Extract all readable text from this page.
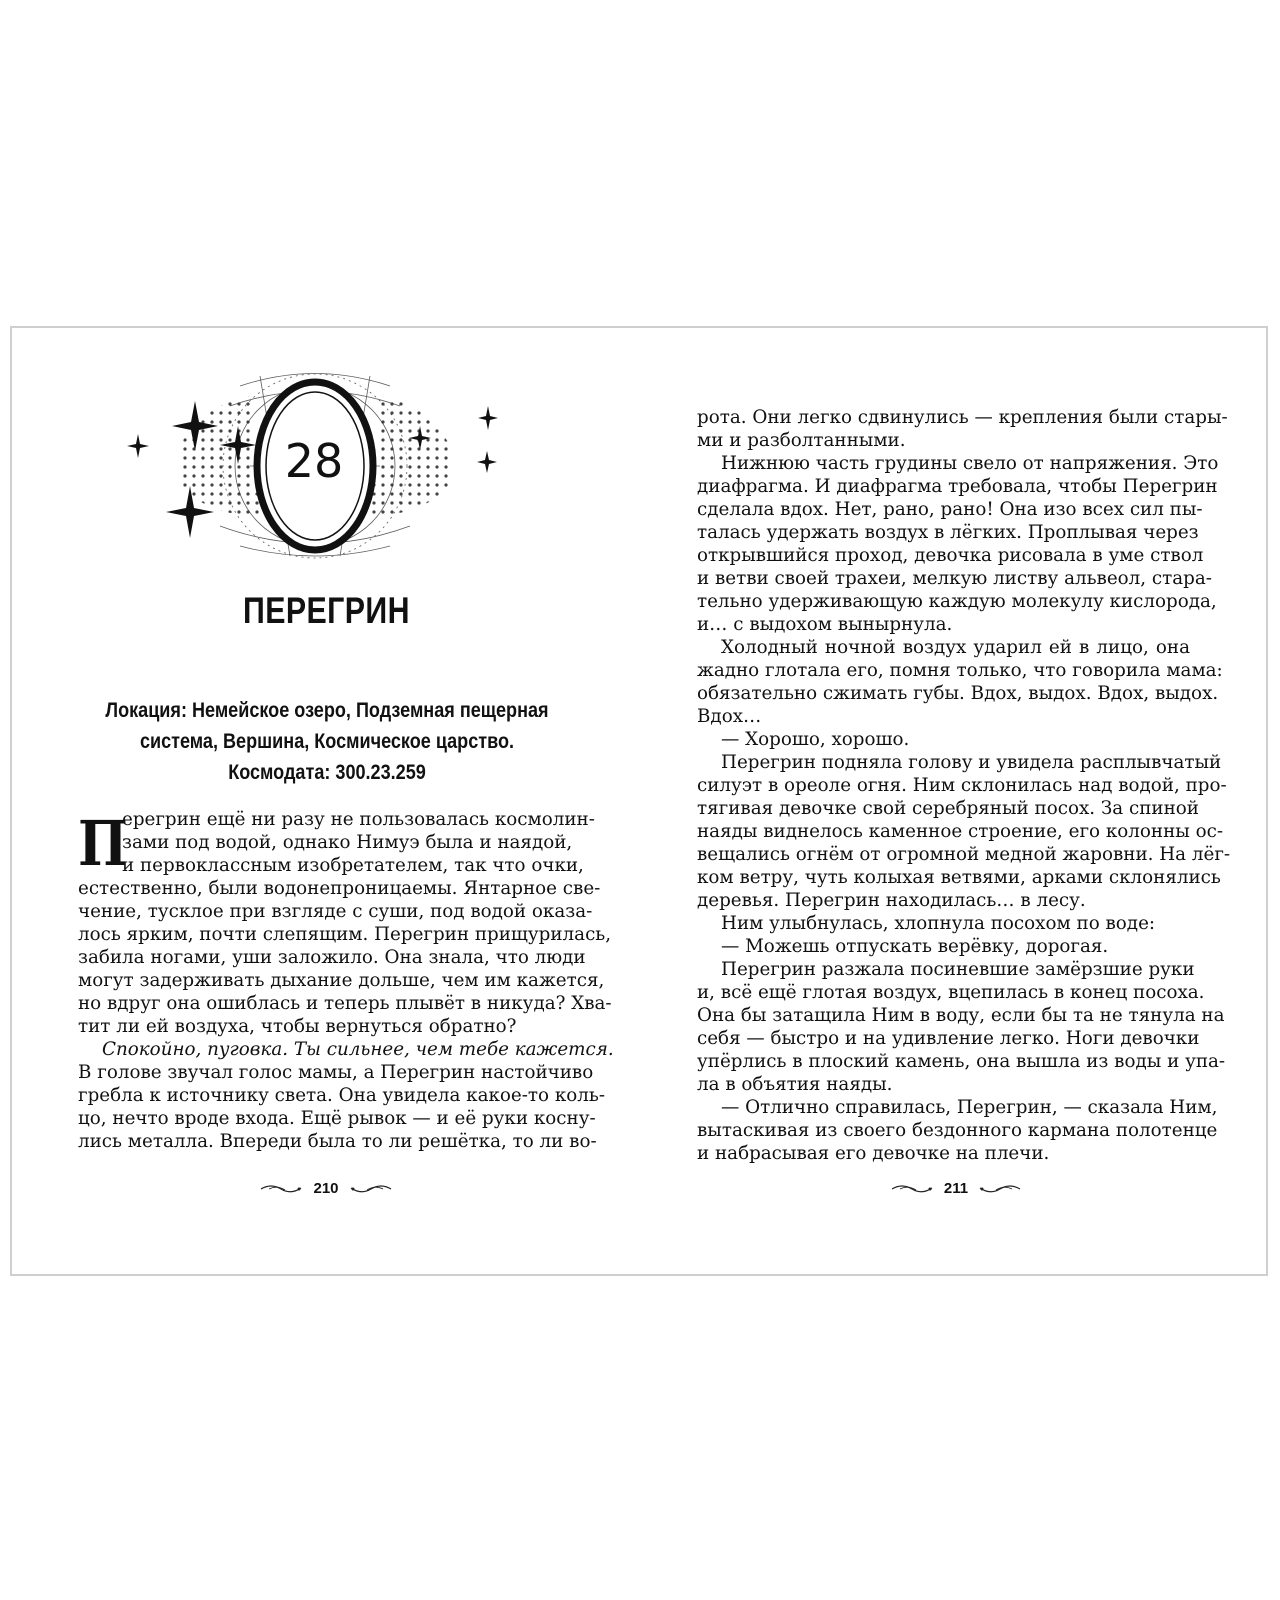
28
ПЕРЕГРИН
Локация: Немейское озеро, Подземная пещерная
система, Вершина, Космическое царство.
Космодата: 300.23.259
П
eрегрин ещё ни разу не пользовалась космолин-
зами под водой, однако Нимуэ была и наядой,
и первоклассным изобретателем, так что очки,
естественно, были водонепроницаемы. Янтарное све-
чение, тусклое при взгляде с суши, под водой оказа-
лось ярким, почти слепящим. Перегрин прищурилась,
забила ногами, уши заложило. Она знала, что люди
могут задерживать дыхание дольше, чем им кажется,
но вдруг она ошиблась и теперь плывёт в никуда? Хва-
тит ли ей воздуха, чтобы вернуться обратно?
Спокойно, пуговка. Ты сильнее, чем тебе кажется.
В голове звучал голос мамы, а Перегрин настойчиво
гребла к источнику света. Она увидела какое-то коль-
цо, нечто вроде входа. Ещё рывок — и её руки косну-
лись металла. Впереди была то ли решётка, то ли во-
210
рота. Они легко сдвинулись — крепления были стары-
ми и разболтанными.
Нижнюю часть грудины свело от напряжения. Это
диафрагма. И диафрагма требовала, чтобы Перегрин
сделала вдох. Нет, рано, рано! Она изо всех сил пы-
талась удержать воздух в лёгких. Проплывая через
открывшийся проход, девочка рисовала в уме ствол
и ветви своей трахеи, мелкую листву альвеол, стара-
тельно удерживающую каждую молекулу кислорода,
и… с выдохом вынырнула.
Холодный ночной воздух ударил ей в лицо, она
жадно глотала его, помня только, что говорила мама:
обязательно сжимать губы. Вдох, выдох. Вдох, выдох.
Вдох…
— Хорошо, хорошо.
Перегрин подняла голову и увидела расплывчатый
силуэт в ореоле огня. Ним склонилась над водой, про-
тягивая девочке свой серебряный посох. За спиной
наяды виднелось каменное строение, его колонны ос-
вещались огнём от огромной медной жаровни. На лёг-
ком ветру, чуть колыхая ветвями, арками склонялись
деревья. Перегрин находилась… в лесу.
Ним улыбнулась, хлопнула посохом по воде:
— Можешь отпускать верёвку, дорогая.
Перегрин разжала посиневшие замёрзшие руки
и, всё ещё глотая воздух, вцепилась в конец посоха.
Она бы затащила Ним в воду, если бы та не тянула на
себя — быстро и на удивление легко. Ноги девочки
упёрлись в плоский камень, она вышла из воды и упа-
ла в объятия наяды.
— Отлично справилась, Перегрин, — сказала Ним,
вытаскивая из своего бездонного кармана полотенце
и набрасывая его девочке на плечи.
211
